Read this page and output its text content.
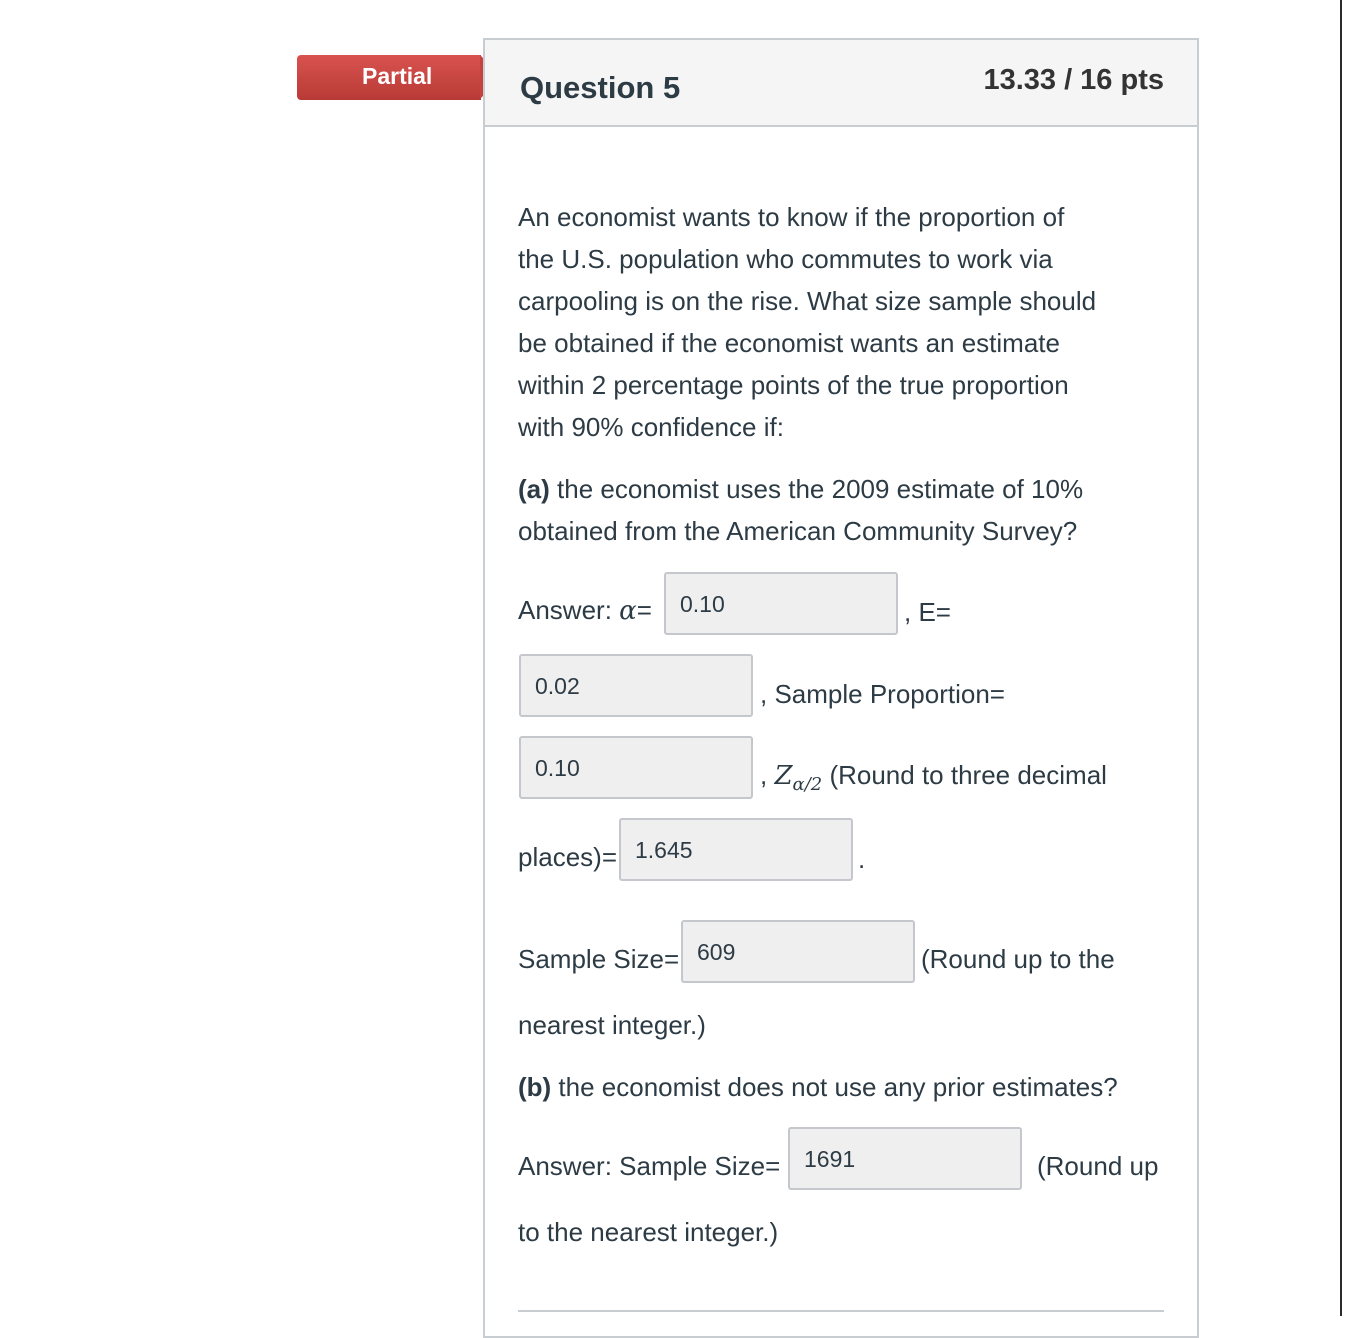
Partial	Question 5	13.33 / 16 pts
An economist wants to know if the proportion of
the U.S. population who commutes to work via
carpooling is on the rise. What size sample should
be obtained if the economist wants an estimate
within 2 percentage points of the true proportion
with 90% confidence if:
(a) the economist uses the 2009 estimate of 10%
obtained from the American Community Survey?
Answer: α=	0.10	, E=
0.02	, Sample Proportion=
0.10	, $Z_{\alpha/2}$ (Round to three decimal
places)= 1.645	.
Sample Size= 609	(Round up to the
nearest integer.)
(b) the economist does not use any prior estimates?
Answer: Sample Size=	1691	(Round up
to the nearest integer.)
